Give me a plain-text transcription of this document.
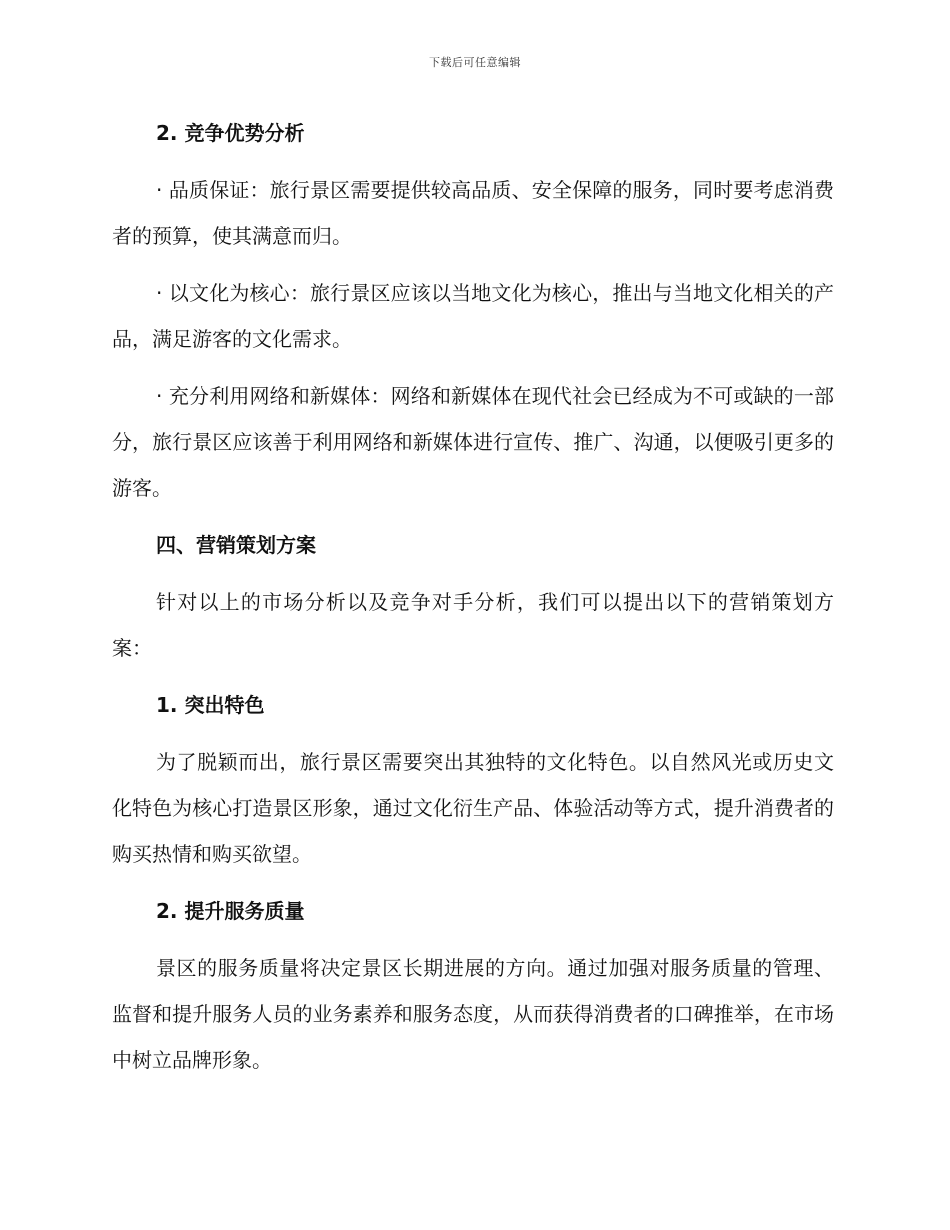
下载后可任意编辑

2. 竞争优势分析

· 品质保证：旅行景区需要提供较高品质、安全保障的服务，同时要考虑消费者的预算，使其满意而归。

· 以文化为核心：旅行景区应该以当地文化为核心，推出与当地文化相关的产品，满足游客的文化需求。

· 充分利用网络和新媒体：网络和新媒体在现代社会已经成为不可或缺的一部分，旅行景区应该善于利用网络和新媒体进行宣传、推广、沟通，以便吸引更多的游客。

四、营销策划方案

针对以上的市场分析以及竞争对手分析，我们可以提出以下的营销策划方案：

1. 突出特色

为了脱颖而出，旅行景区需要突出其独特的文化特色。以自然风光或历史文化特色为核心打造景区形象，通过文化衍生产品、体验活动等方式，提升消费者的购买热情和购买欲望。

2. 提升服务质量

景区的服务质量将决定景区长期进展的方向。通过加强对服务质量的管理、监督和提升服务人员的业务素养和服务态度，从而获得消费者的口碑推举，在市场中树立品牌形象。
